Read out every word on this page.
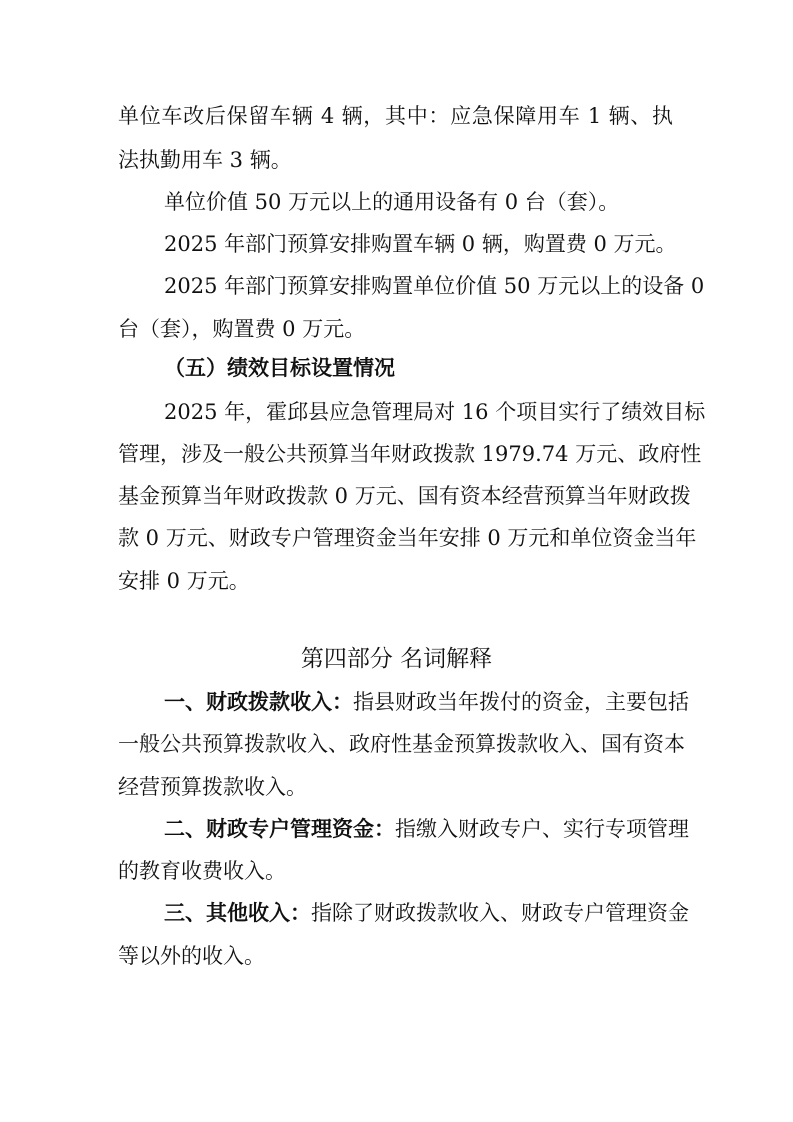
单位车改后保留车辆 4 辆，其中：应急保障用车 1 辆、执
法执勤用车 3 辆。
单位价值 50 万元以上的通用设备有 0 台（套）。
2025 年部门预算安排购置车辆 0 辆，购置费 0 万元。
2025 年部门预算安排购置单位价值 50 万元以上的设备 0
台（套），购置费 0 万元。
（五）绩效目标设置情况
2025 年，霍邱县应急管理局对 16 个项目实行了绩效目标
管理，涉及一般公共预算当年财政拨款 1979.74 万元、政府性
基金预算当年财政拨款 0 万元、国有资本经营预算当年财政拨
款 0 万元、财政专户管理资金当年安排 0 万元和单位资金当年
安排 0 万元。
第四部分 名词解释
一、财政拨款收入：指县财政当年拨付的资金，主要包括
一般公共预算拨款收入、政府性基金预算拨款收入、国有资本
经营预算拨款收入。
二、财政专户管理资金：指缴入财政专户、实行专项管理
的教育收费收入。
三、其他收入：指除了财政拨款收入、财政专户管理资金
等以外的收入。
